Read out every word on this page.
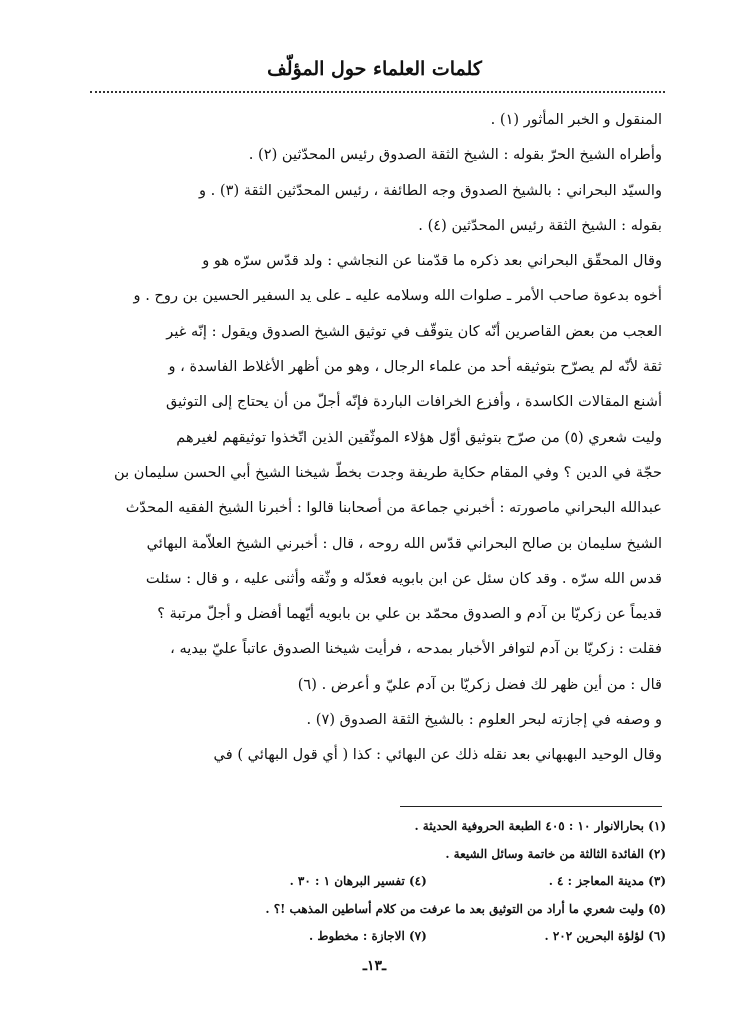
كلمات العلماء حول المؤلّف
المنقول و الخبر المأثور (١) .
وأطراه الشيخ الحرّ بقوله : الشيخ الثقة الصدوق رئيس المحدّثين (٢) .
والسيّد البحراني : بالشيخ الصدوق وجه الطائفة ، رئيس المحدّثين الثقة (٣) . و
بقوله : الشيخ الثقة رئيس المحدّثين (٤) .
وقال المحقّق البحراني بعد ذكره ما قدّمنا عن النجاشي : ولد قدّس سرّه هو و
أخوه بدعوة صاحب الأمر ـ صلوات الله وسلامه عليه ـ على يد السفير الحسين بن روح . و
العجب من بعض القاصرين أنّه كان يتوقّف في توثيق الشيخ الصدوق ويقول : إنّه غير
ثقة لأنّه لم يصرّح بتوثيقه أحد من علماء الرجال ، وهو من أظهر الأغلاط الفاسدة ، و
أشنع المقالات الكاسدة ، وأفزع الخرافات الباردة فإنّه أجلّ من أن يحتاج إلى التوثيق
وليت شعري (٥) من صرّح بتوثيق أوّل هؤلاء الموثّقين الذين اتّخذوا توثيقهم لغيرهم
حجّة في الدين ؟ وفي المقام حكاية طريفة وجدت بخطّ شيخنا الشيخ أبي الحسن سليمان بن
عبدالله البحراني ماصورته : أخبرني جماعة من أصحابنا قالوا : أخبرنا الشيخ الفقيه المحدّث
الشيخ سليمان بن صالح البحراني قدّس الله روحه ، قال : أخبرني الشيخ العلاّمة البهائي
قدس الله سرّه . وقد كان سئل عن ابن بابويه فعدّله و وثّقه وأثنى عليه ، و قال : سئلت
قديماً عن زكريّا بن آدم و الصدوق محمّد بن علي بن بابويه أيّهما أفضل و أجلّ مرتبة ؟
فقلت : زكريّا بن آدم لتوافر الأخبار بمدحه ، فرأيت شيخنا الصدوق عاتباً عليّ بيديه ،
قال : من أين ظهر لك فضل زكريّا بن آدم عليّ و أعرض . (٦)
و وصفه في إجازته لبحر العلوم : بالشيخ الثقة الصدوق (٧) .
وقال الوحيد البهبهاني بعد نقله ذلك عن البهائي : كذا ( أي قول البهائي ) في
(١) بحارالانوار ١٠ : ٤٠٥ الطبعة الحروفية الحديثة .
(٢) الفائدة الثالثة من خاتمة وسائل الشيعة .
(٣) مدينة المعاجز : ٤ . (٤) تفسير البرهان ١ : ٣٠ .
(٥) وليت شعري ما أراد من التوثيق بعد ما عرفت من كلام أساطين المذهب !؟ .
(٦) لؤلؤة البحرين ٢٠٢ . (٧) الاجازة : مخطوط .
ـ١٣ـ
